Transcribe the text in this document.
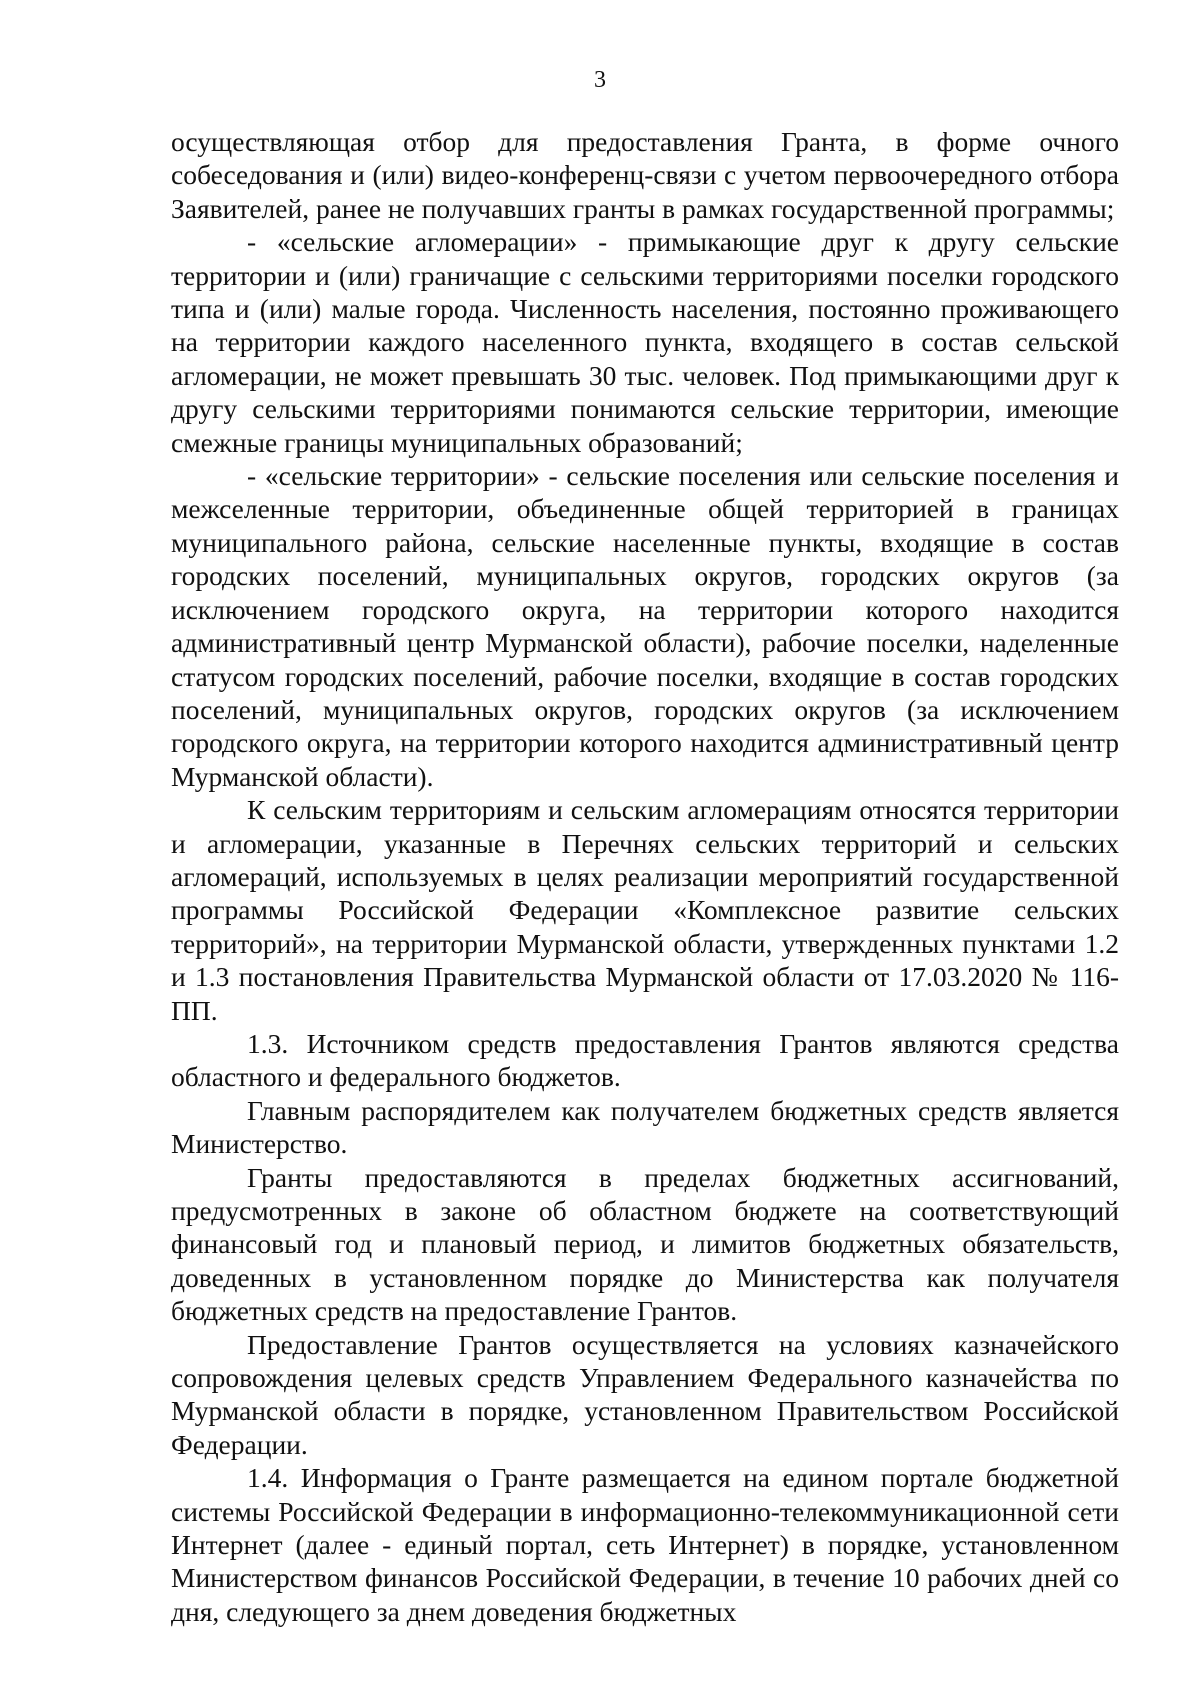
3

осуществляющая отбор для предоставления Гранта, в форме очного собеседования и (или) видео-конференц-связи с учетом первоочередного отбора Заявителей, ранее не получавших гранты в рамках государственной программы;

- «сельские агломерации» - примыкающие друг к другу сельские территории и (или) граничащие с сельскими территориями поселки городского типа и (или) малые города. Численность населения, постоянно проживающего на территории каждого населенного пункта, входящего в состав сельской агломерации, не может превышать 30 тыс. человек. Под примыкающими друг к другу сельскими территориями понимаются сельские территории, имеющие смежные границы муниципальных образований;

- «сельские территории» - сельские поселения или сельские поселения и межселенные территории, объединенные общей территорией в границах муниципального района, сельские населенные пункты, входящие в состав городских поселений, муниципальных округов, городских округов (за исключением городского округа, на территории которого находится административный центр Мурманской области), рабочие поселки, наделенные статусом городских поселений, рабочие поселки, входящие в состав городских поселений, муниципальных округов, городских округов (за исключением городского округа, на территории которого находится административный центр Мурманской области).

К сельским территориям и сельским агломерациям относятся территории и агломерации, указанные в Перечнях сельских территорий и сельских агломераций, используемых в целях реализации мероприятий государственной программы Российской Федерации «Комплексное развитие сельских территорий», на территории Мурманской области, утвержденных пунктами 1.2 и 1.3 постановления Правительства Мурманской области от 17.03.2020 № 116-ПП.

1.3. Источником средств предоставления Грантов являются средства областного и федерального бюджетов.

Главным распорядителем как получателем бюджетных средств является Министерство.

Гранты предоставляются в пределах бюджетных ассигнований, предусмотренных в законе об областном бюджете на соответствующий финансовый год и плановый период, и лимитов бюджетных обязательств, доведенных в установленном порядке до Министерства как получателя бюджетных средств на предоставление Грантов.

Предоставление Грантов осуществляется на условиях казначейского сопровождения целевых средств Управлением Федерального казначейства по Мурманской области в порядке, установленном Правительством Российской Федерации.

1.4. Информация о Гранте размещается на едином портале бюджетной системы Российской Федерации в информационно-телекоммуникационной сети Интернет (далее - единый портал, сеть Интернет) в порядке, установленном Министерством финансов Российской Федерации, в течение 10 рабочих дней со дня, следующего за днем доведения бюджетных
